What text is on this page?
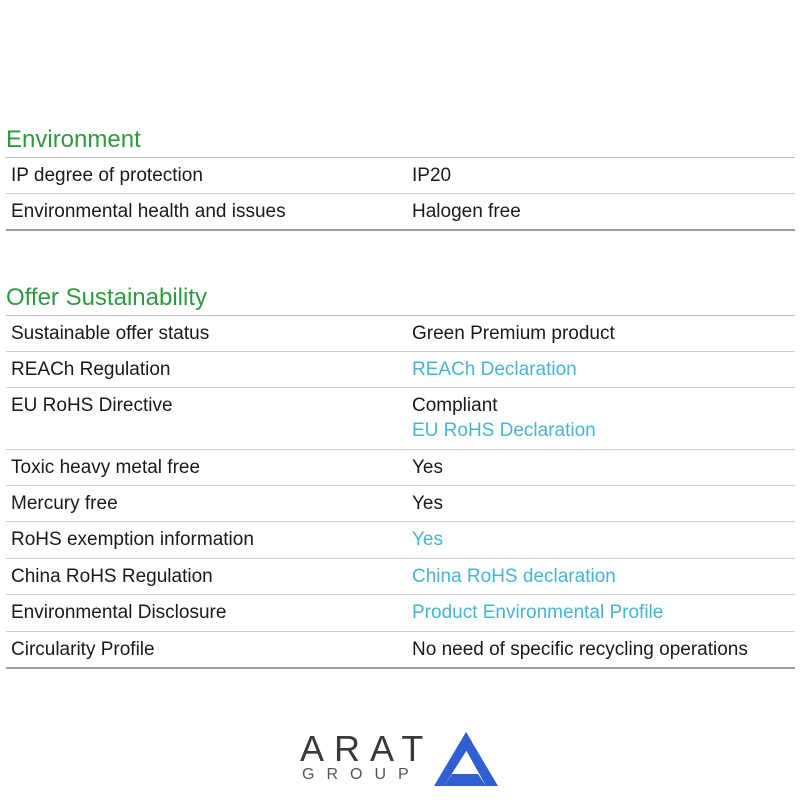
Environment
IP degree of protection	IP20
Environmental health and issues	Halogen free
Offer Sustainability
Sustainable offer status	Green Premium product
REACh Regulation	REACh Declaration
EU RoHS Directive	Compliant
EU RoHS Declaration
Toxic heavy metal free	Yes
Mercury free	Yes
RoHS exemption information	Yes
China RoHS Regulation	China RoHS declaration
Environmental Disclosure	Product Environmental Profile
Circularity Profile	No need of specific recycling operations
ARAT
GROUP
